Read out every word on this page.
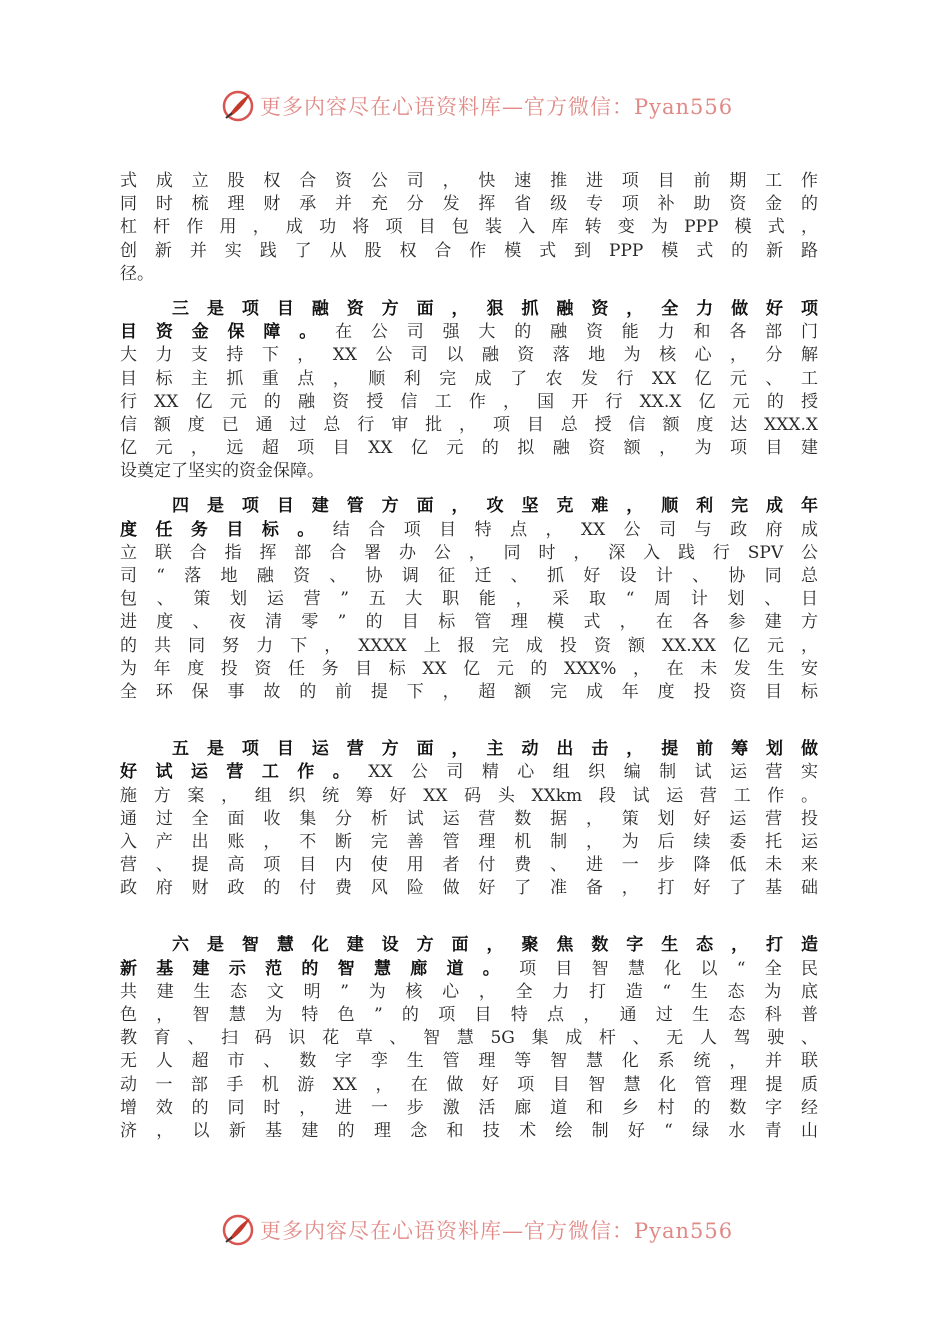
更多内容尽在心语资料库—官方微信：Pyan556
式成立股权合资公司，快速推进项目前期工作
同时梳理财承并充分发挥省级专项补助资金的
杠杆作用，成功将项目包装入库转变为PPP模式，
创新并实践了从股权合作模式到PPP模式的新路
径。
三是项目融资方面，狠抓融资，全力做好项
目资金保障。在公司强大的融资能力和各部门
大力支持下，XX公司以融资落地为核心，分解
目标主抓重点，顺利完成了农发行XX亿元、工
行XX亿元的融资授信工作，国开行XX.X亿元的授
信额度已通过总行审批，项目总授信额度达XXX.X
亿元，远超项目XX亿元的拟融资额，为项目建
设奠定了坚实的资金保障。
四是项目建管方面，攻坚克难，顺利完成年
度任务目标。结合项目特点，XX公司与政府成
立联合指挥部合署办公，同时，深入践行SPV公
司“落地融资、协调征迁、抓好设计、协同总
包、策划运营”五大职能，采取“周计划、日
进度、夜清零”的目标管理模式，在各参建方
的共同努力下，XXXX上报完成投资额XX.XX亿元，
为年度投资任务目标XX亿元的XXX%，在未发生安
全环保事故的前提下，超额完成年度投资目标
五是项目运营方面，主动出击，提前筹划做
好试运营工作。XX公司精心组织编制试运营实
施方案，组织统筹好XX码头XXkm段试运营工作。
通过全面收集分析试运营数据，策划好运营投
入产出账，不断完善管理机制，为后续委托运
营、提高项目内使用者付费、进一步降低未来
政府财政的付费风险做好了准备，打好了基础
六是智慧化建设方面，聚焦数字生态，打造
新基建示范的智慧廊道。项目智慧化以“全民
共建生态文明”为核心，全力打造“生态为底
色，智慧为特色”的项目特点，通过生态科普
教育、扫码识花草、智慧5G集成杆、无人驾驶、
无人超市、数字孪生管理等智慧化系统，并联
动一部手机游XX，在做好项目智慧化管理提质
增效的同时，进一步激活廊道和乡村的数字经
济，以新基建的理念和技术绘制好“绿水青山
更多内容尽在心语资料库—官方微信：Pyan556
